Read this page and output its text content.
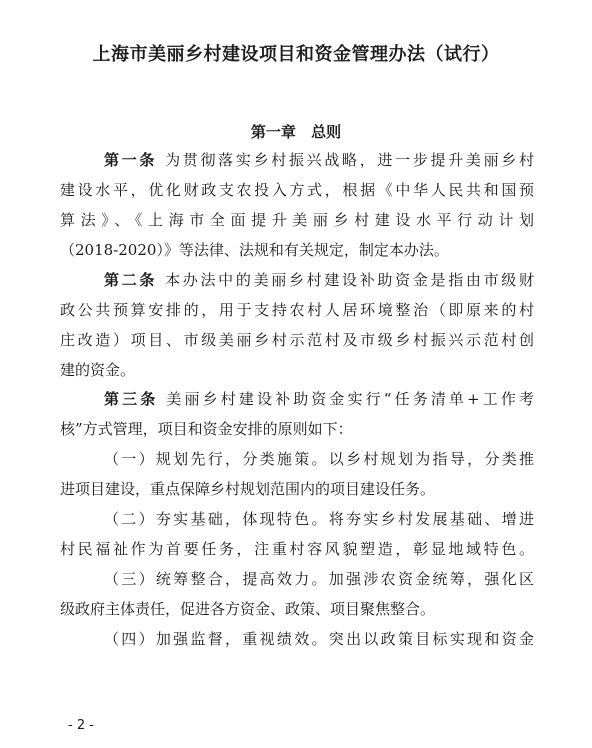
上海市美丽乡村建设项目和资金管理办法（试行）
第一章 总则
第一条 为贯彻落实乡村振兴战略，进一步提升美丽乡村
建设水平，优化财政支农投入方式，根据《中华人民共和国预
算法》、《上海市全面提升美丽乡村建设水平行动计划
（2018-2020）》等法律、法规和有关规定，制定本办法。
第二条 本办法中的美丽乡村建设补助资金是指由市级财
政公共预算安排的，用于支持农村人居环境整治（即原来的村
庄改造）项目、市级美丽乡村示范村及市级乡村振兴示范村创
建的资金。
第三条 美丽乡村建设补助资金实行“任务清单+工作考
核”方式管理，项目和资金安排的原则如下：
（一）规划先行，分类施策。以乡村规划为指导，分类推
进项目建设，重点保障乡村规划范围内的项目建设任务。
（二）夯实基础，体现特色。将夯实乡村发展基础、增进
村民福祉作为首要任务，注重村容风貌塑造，彰显地域特色。
（三）统筹整合，提高效力。加强涉农资金统筹，强化区
级政府主体责任，促进各方资金、政策、项目聚焦整合。
（四）加强监督，重视绩效。突出以政策目标实现和资金
- 2 -
